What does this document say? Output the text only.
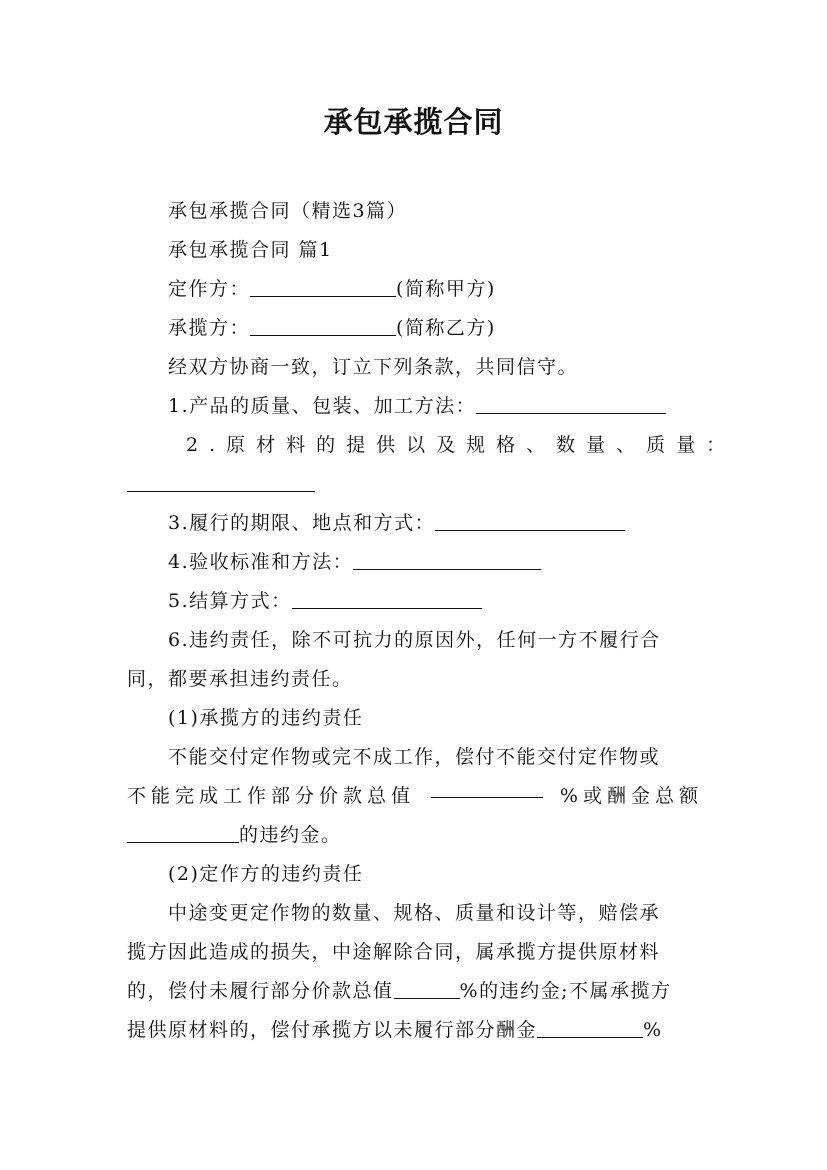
承包承揽合同
承包承揽合同（精选3篇）
承包承揽合同 篇1
定作方：	(简称甲方)
承揽方：	(简称乙方)
经双方协商一致，订立下列条款，共同信守。
1.产品的质量、包装、加工方法：
2.原材料的提供以及规格、数量、质量：
3.履行的期限、地点和方式：
4.验收标准和方法：
5.结算方式：
6.违约责任，除不可抗力的原因外，任何一方不履行合
同，都要承担违约责任。
(1)承揽方的违约责任
不能交付定作物或完不成工作，偿付不能交付定作物或
不能完成工作部分价款总值	%或酬金总额
的违约金。
(2)定作方的违约责任
中途变更定作物的数量、规格、质量和设计等，赔偿承
揽方因此造成的损失，中途解除合同，属承揽方提供原材料
的，偿付未履行部分价款总值	%的违约金;不属承揽方
提供原材料的，偿付承揽方以未履行部分酬金	%
